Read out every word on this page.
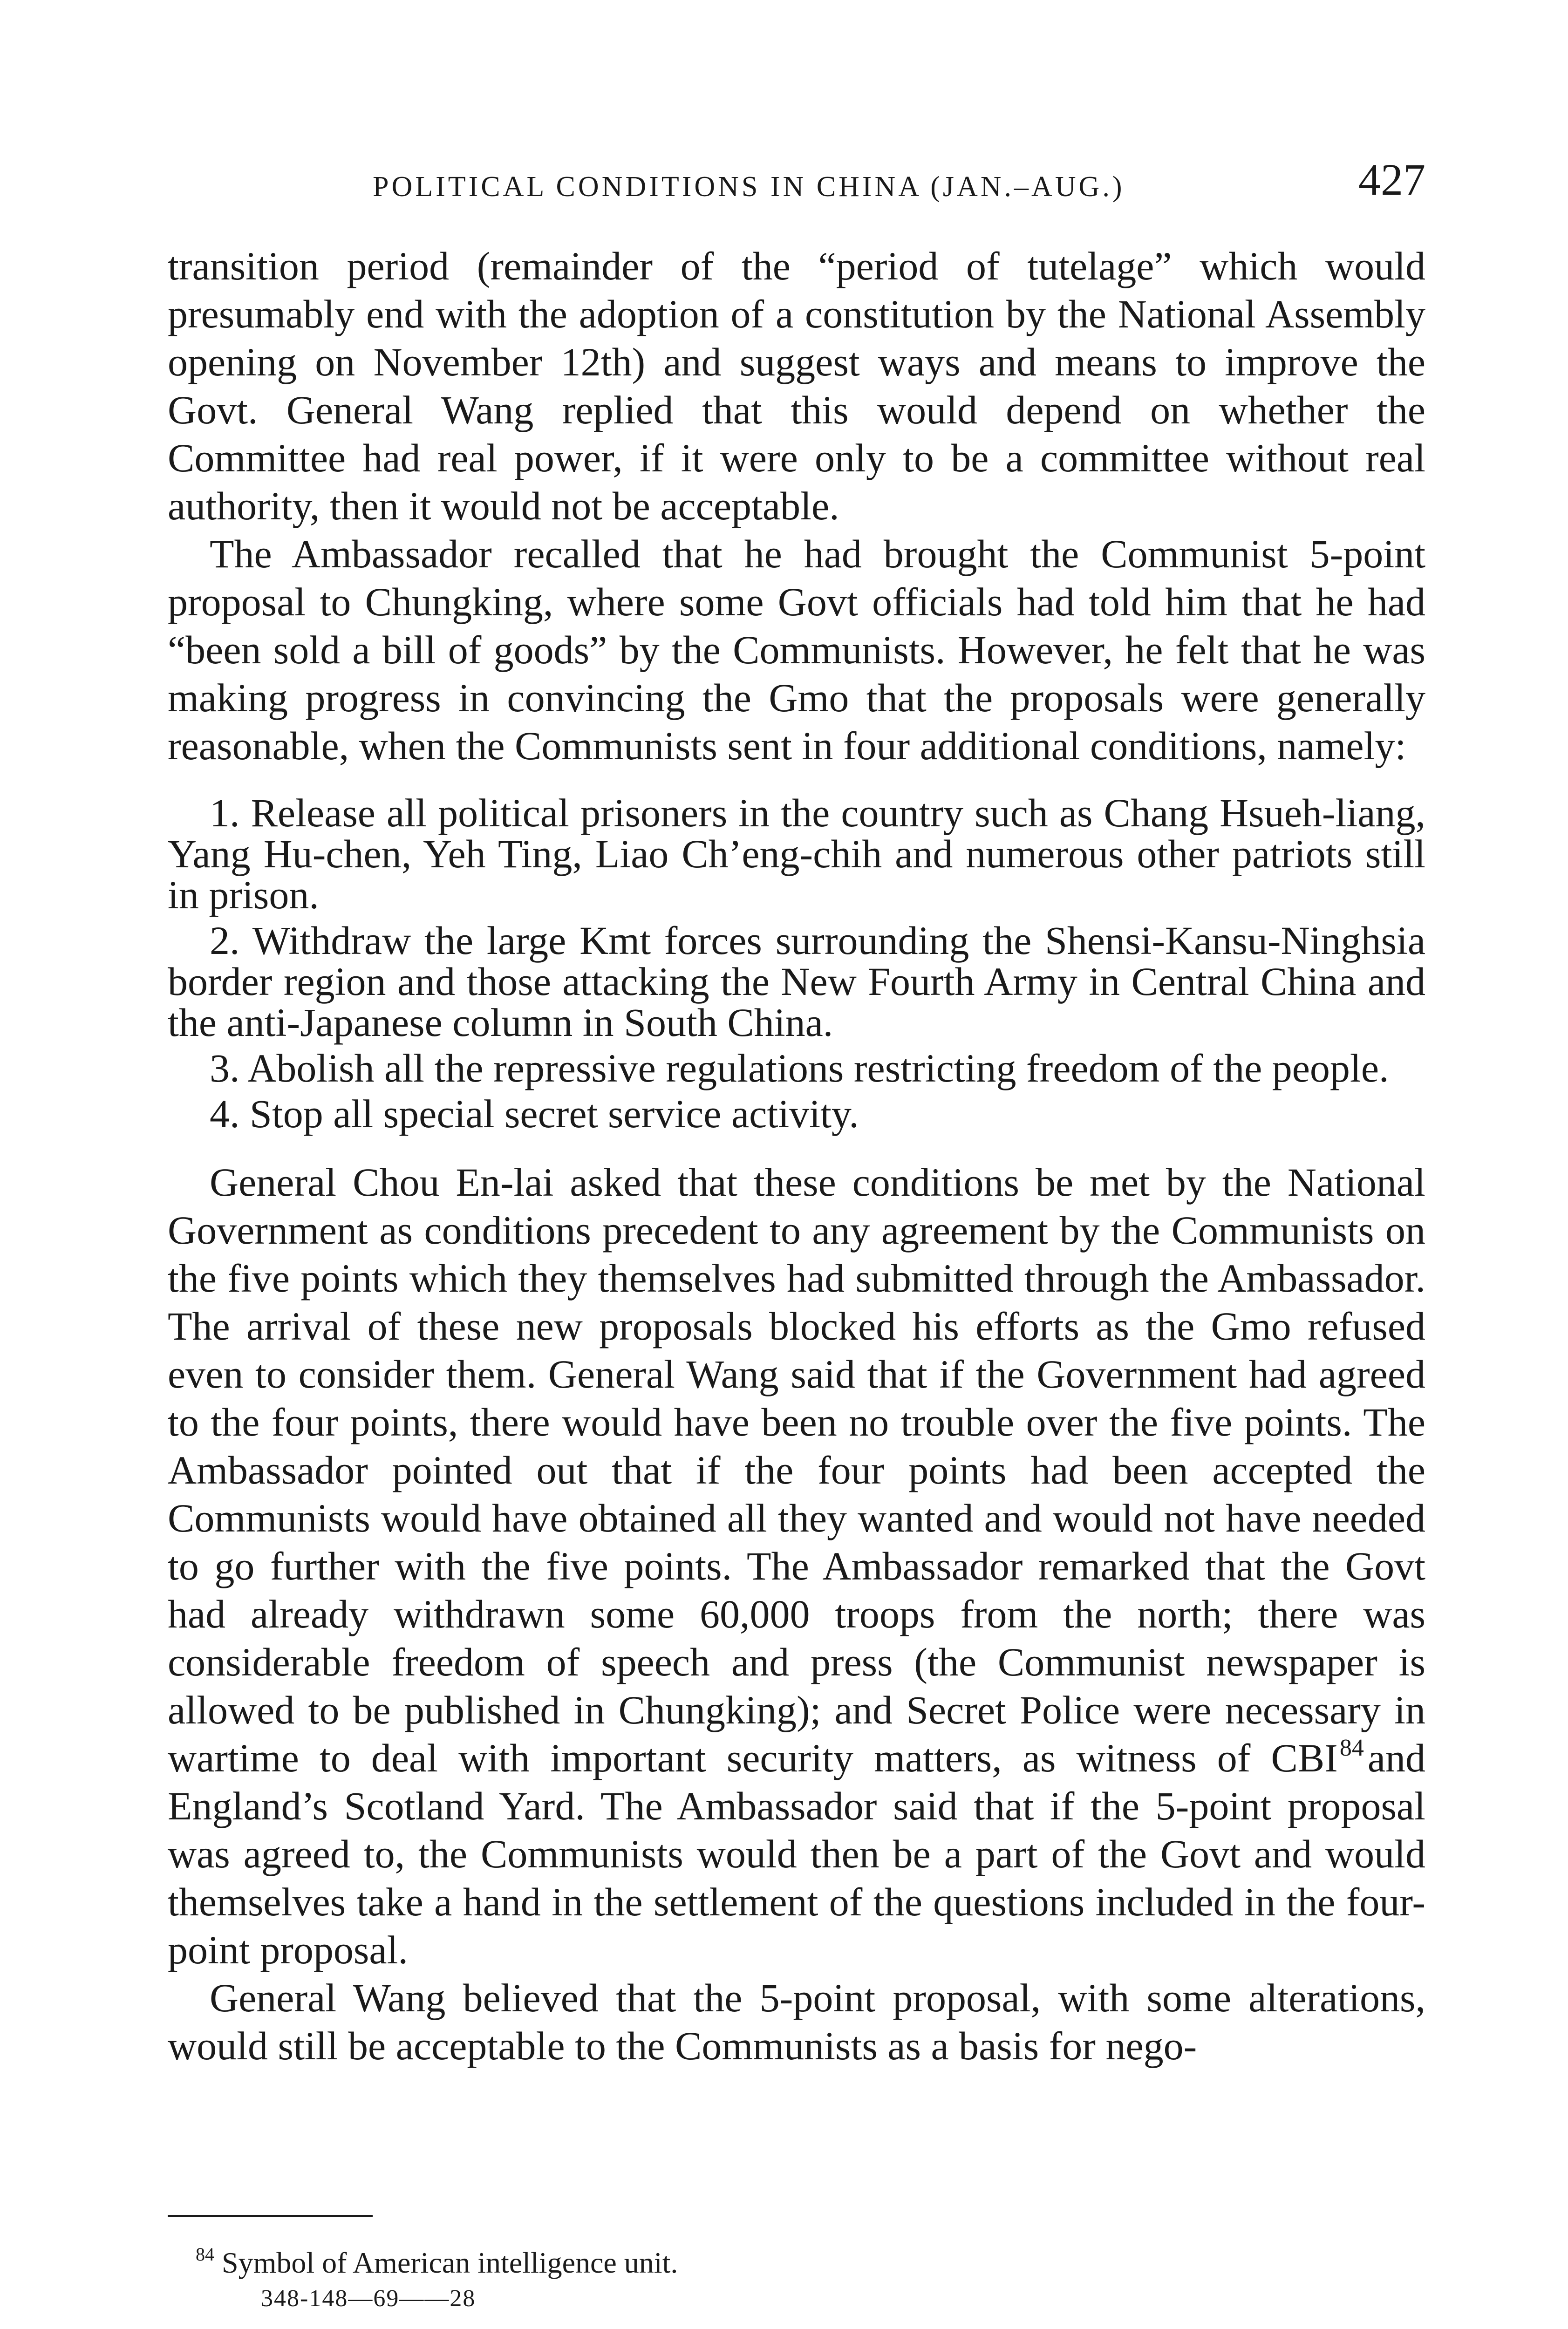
POLITICAL CONDITIONS IN CHINA (JAN.–AUG.)	427

transition period (remainder of the “period of tutelage” which would presumably end with the adoption of a constitution by the National Assembly opening on November 12th) and suggest ways and means to improve the Govt. General Wang replied that this would depend on whether the Committee had real power, if it were only to be a committee without real authority, then it would not be acceptable.

The Ambassador recalled that he had brought the Communist 5-point proposal to Chungking, where some Govt officials had told him that he had “been sold a bill of goods” by the Communists. However, he felt that he was making progress in convincing the Gmo that the proposals were generally reasonable, when the Communists sent in four additional conditions, namely:

1. Release all political prisoners in the country such as Chang Hsueh-liang, Yang Hu-chen, Yeh Ting, Liao Ch’eng-chih and numerous other patriots still in prison.

2. Withdraw the large Kmt forces surrounding the Shensi-Kansu-Ninghsia border region and those attacking the New Fourth Army in Central China and the anti-Japanese column in South China.

3. Abolish all the repressive regulations restricting freedom of the people.

4. Stop all special secret service activity.

General Chou En-lai asked that these conditions be met by the National Government as conditions precedent to any agreement by the Communists on the five points which they themselves had submitted through the Ambassador. The arrival of these new proposals blocked his efforts as the Gmo refused even to consider them. General Wang said that if the Government had agreed to the four points, there would have been no trouble over the five points. The Ambassador pointed out that if the four points had been accepted the Communists would have obtained all they wanted and would not have needed to go further with the five points. The Ambassador remarked that the Govt had already withdrawn some 60,000 troops from the north; there was considerable freedom of speech and press (the Communist newspaper is allowed to be published in Chungking); and Secret Police were necessary in wartime to deal with important security matters, as witness of CBI$^{84}$and England’s Scotland Yard. The Ambassador said that if the 5-point proposal was agreed to, the Communists would then be a part of the Govt and would themselves take a hand in the settlement of the questions included in the four-point proposal.

General Wang believed that the 5-point proposal, with some alterations, would still be acceptable to the Communists as a basis for nego-

$^{84}$ Symbol of American intelligence unit.
348-148—69——28
